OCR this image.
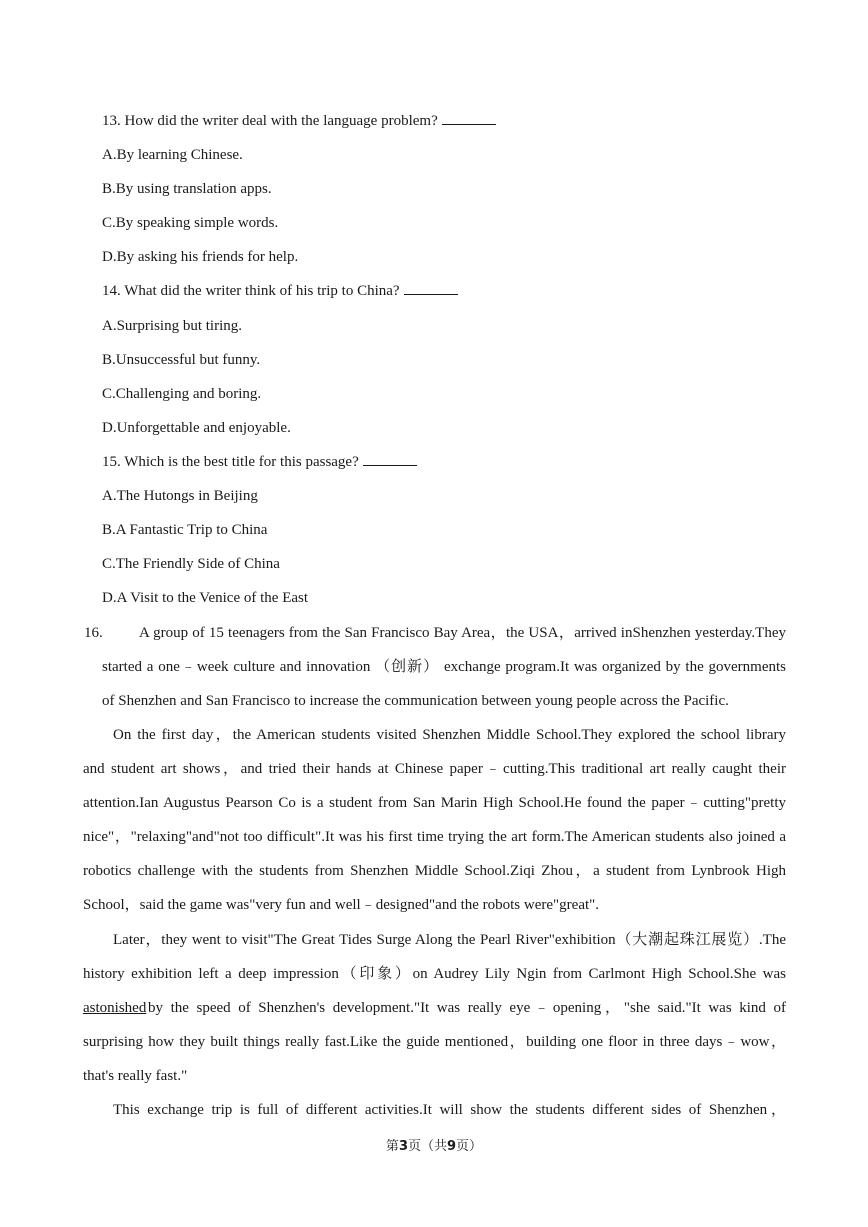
13. How did the writer deal with the language problem?
A.By learning Chinese.
B.By using translation apps.
C.By speaking simple words.
D.By asking his friends for help.
14. What did the writer think of his trip to China?
A.Surprising but tiring.
B.Unsuccessful but funny.
C.Challenging and boring.
D.Unforgettable and enjoyable.
15. Which is the best title for this passage?
A.The Hutongs in Beijing
B.A Fantastic Trip to China
C.The Friendly Side of China
D.A Visit to the Venice of the East
16. A group of 15 teenagers from the San Francisco Bay Area，the USA，arrived inShenzhen yesterday.They
started a one﹣week culture and innovation （创新） exchange program.It was organized by the governments
of Shenzhen and San Francisco to increase the communication between young people across the Pacific.
On the first day，the American students visited Shenzhen Middle School.They explored the school library
and student art shows，and tried their hands at Chinese paper﹣cutting.This traditional art really caught their
attention.Ian Augustus Pearson Co is a student from San Marin High School.He found the paper﹣cutting"pretty
nice"，"relaxing"and"not too difficult".It was his first time trying the art form.The American students also joined a
robotics challenge with the students from Shenzhen Middle School.Ziqi Zhou，a student from Lynbrook High
School，said the game was"very fun and well﹣designed"and the robots were"great".
Later，they went to visit"The Great Tides Surge Along the Pearl River"exhibition（大潮起珠江展览）.The
history exhibition left a deep impression（印象）on Audrey Lily Ngin from Carlmont High School.She was
by the speed of Shenzhen's development."It was really eye﹣opening，"she said."It was kind of
astonished
surprising how they built things really fast.Like the guide mentioned，building one floor in three days﹣wow，
that's really fast."
This exchange trip is full of different activities.It will show the students different sides of Shenzhen，
第3页（共9页）
